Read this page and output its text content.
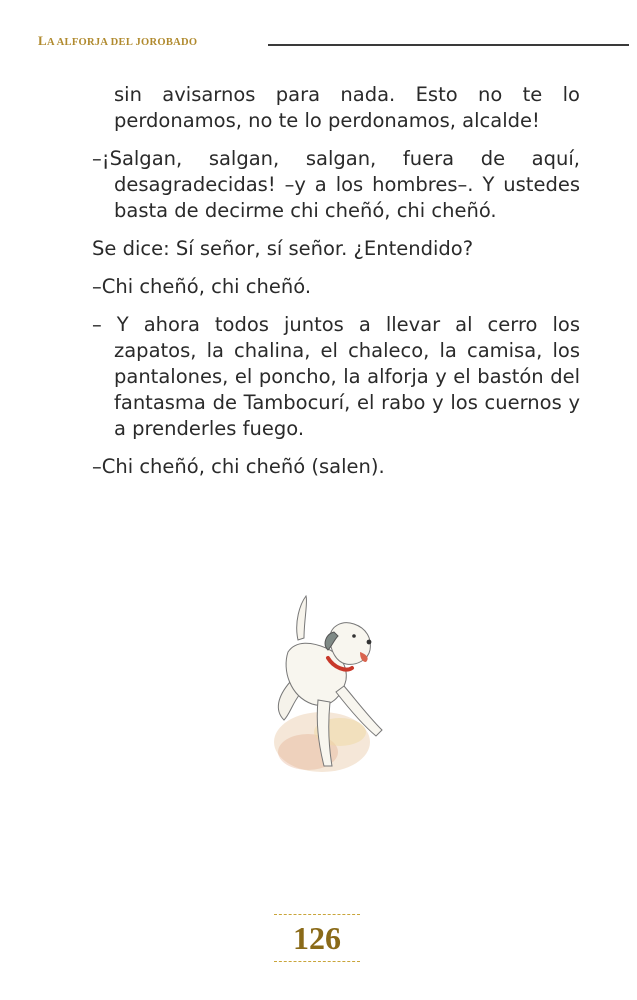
LA ALFORJA DEL JOROBADO

sin avisarnos para nada. Esto no te lo perdonamos, no te lo perdonamos, alcalde!

–¡Salgan, salgan, salgan, fuera de aquí, desagradecidas! –y a los hombres–. Y ustedes basta de decirme chi cheñó, chi cheñó.

Se dice: Sí señor, sí señor. ¿Entendido?

–Chi cheñó, chi cheñó.

– Y ahora todos juntos a llevar al cerro los zapatos, la chalina, el chaleco, la camisa, los pantalones, el poncho, la alforja y el bastón del fantasma de Tambocurí, el rabo y los cuernos y a prenderles fuego.

–Chi cheñó, chi cheñó (salen).

126
